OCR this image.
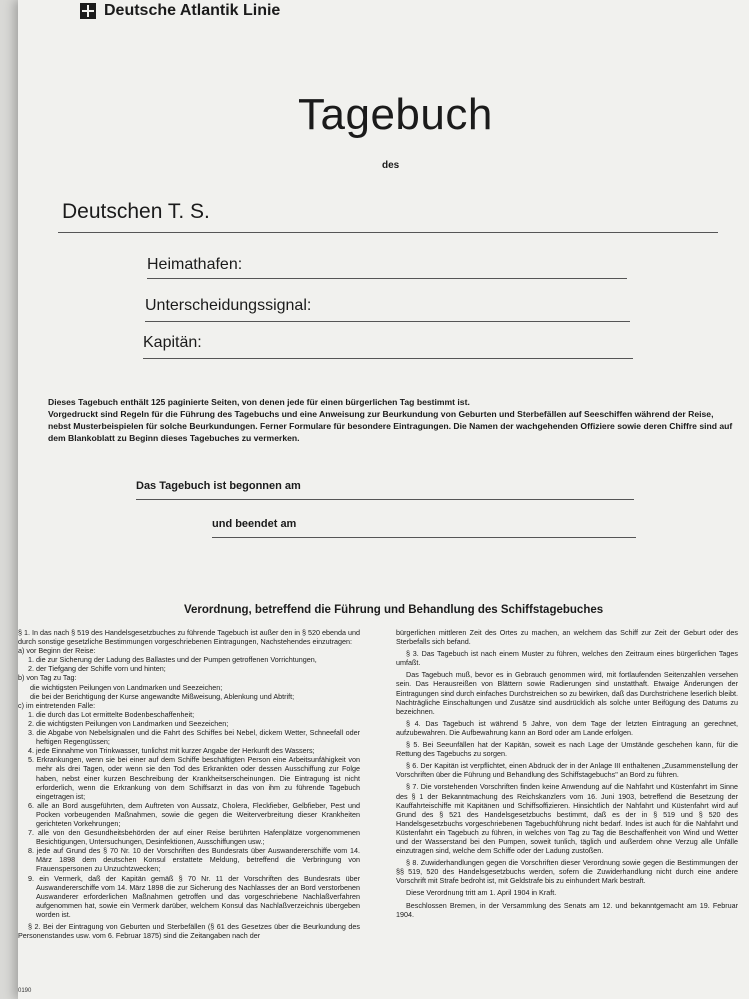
Deutsche Atlantik Linie
Tagebuch
des
Deutschen T. S.
Heimathafen:
Unterscheidungssignal:
Kapitän:

Dieses Tagebuch enthält 125 paginierte Seiten, von denen jede für einen bürgerlichen Tag bestimmt ist.

Vorgedruckt sind Regeln für die Führung des Tagebuchs und eine Anweisung zur Beurkundung von Geburten und Sterbefällen auf Seeschiffen während der Reise, nebst Musterbeispielen für solche Beurkundungen. Ferner Formulare für besondere Eintragungen. Die Namen der wachgehenden Offiziere sowie deren Chiffre sind auf dem Blankoblatt zu Beginn dieses Tagebuches zu vermerken.

Das Tagebuch ist begonnen am
und beendet am
Verordnung, betreffend die Führung und Behandlung des Schiffstagebuches
§ 1. In das nach § 519 des Handelsgesetzbuches zu führende Tagebuch ist außer den in § 520 ebenda und durch sonstige gesetzliche Bestimmungen vorgeschriebenen Eintragungen, Nachstehendes einzutragen:
a) vor Beginn der Reise:
1. die zur Sicherung der Ladung des Ballastes und der Pumpen getroffenen Vorrichtungen,
2. der Tiefgang der Schiffe vorn und hinten;
b) von Tag zu Tag:
die wichtigsten Peilungen von Landmarken und Seezeichen;
die bei der Berichtigung der Kurse angewandte Mißweisung, Ablenkung und Abtrift;
c) im eintretenden Falle:
1. die durch das Lot ermittelte Bodenbeschaffenheit;
2. die wichtigsten Peilungen von Landmarken und Seezeichen;
3. die Abgabe von Nebelsignalen und die Fahrt des Schiffes bei Nebel, dickem Wetter, Schneefall oder heftigen Regengüssen;
4. jede Einnahme von Trinkwasser, tunlichst mit kurzer Angabe der Herkunft des Wassers;
5. Erkrankungen, wenn sie bei einer auf dem Schiffe beschäftigten Person eine Arbeitsunfähigkeit von mehr als drei Tagen, oder wenn sie den Tod des Erkrankten oder dessen Ausschiffung zur Folge haben, nebst einer kurzen Beschreibung der Krankheitserscheinungen. Die Eintragung ist nicht erforderlich, wenn die Erkrankung von dem Schiffsarzt in das von ihm zu führende Tagebuch eingetragen ist;
6. alle an Bord ausgeführten, dem Auftreten von Aussatz, Cholera, Fleckfieber, Gelbfieber, Pest und Pocken vorbeugenden Maßnahmen, sowie die gegen die Weiterverbreitung dieser Krankheiten gerichteten Vorkehrungen;
7. alle von den Gesundheitsbehörden der auf einer Reise berührten Hafenplätze vorgenommenen Besichtigungen, Untersuchungen, Desinfektionen, Ausschiffungen usw.;
8. jede auf Grund des § 70 Nr. 10 der Vorschriften des Bundesrats über Auswandererschiffe vom 14. März 1898 dem deutschen Konsul erstattete Meldung, betreffend die Verbringung von Frauenspersonen zu Unzuchtzwecken;
9. ein Vermerk, daß der Kapitän gemäß § 70 Nr. 11 der Vorschriften des Bundesrats über Auswandererschiffe vom 14. März 1898 die zur Sicherung des Nachlasses der an Bord verstorbenen Auswanderer erforderlichen Maßnahmen getroffen und das vorgeschriebene Nachlaßverfahren aufgenommen hat, sowie ein Vermerk darüber, welchem Konsul das Nachlaßverzeichnis übergeben worden ist.
§ 2. Bei der Eintragung von Geburten und Sterbefällen (§ 61 des Gesetzes über die Beurkundung des Personenstandes usw. vom 6. Februar 1875) sind die Zeitangaben nach der
bürgerlichen mittleren Zeit des Ortes zu machen, an welchem das Schiff zur Zeit der Geburt oder des Sterbefalls sich befand.
§ 3. Das Tagebuch ist nach einem Muster zu führen, welches den Zeitraum eines bürgerlichen Tages umfaßt.
Das Tagebuch muß, bevor es in Gebrauch genommen wird, mit fortlaufenden Seitenzahlen versehen sein. Das Herausreißen von Blättern sowie Radierungen sind unstatthaft. Etwaige Änderungen der Eintragungen sind durch einfaches Durchstreichen so zu bewirken, daß das Durchstrichene leserlich bleibt. Nachträgliche Einschaltungen und Zusätze sind ausdrücklich als solche unter Beifügung des Datums zu bezeichnen.
§ 4. Das Tagebuch ist während 5 Jahre, von dem Tage der letzten Eintragung an gerechnet, aufzubewahren. Die Aufbewahrung kann an Bord oder am Lande erfolgen.
§ 5. Bei Seeunfällen hat der Kapitän, soweit es nach Lage der Umstände geschehen kann, für die Rettung des Tagebuchs zu sorgen.
§ 6. Der Kapitän ist verpflichtet, einen Abdruck der in der Anlage III enthaltenen „Zusammenstellung der Vorschriften über die Führung und Behandlung des Schiffstagebuchs" an Bord zu führen.
§ 7. Die vorstehenden Vorschriften finden keine Anwendung auf die Nahfahrt und Küstenfahrt im Sinne des § 1 der Bekanntmachung des Reichskanzlers vom 16. Juni 1903, betreffend die Besetzung der Kauffahrteischiffe mit Kapitänen und Schiffsoffizieren. Hinsichtlich der Nahfahrt und Küstenfahrt wird auf Grund des § 521 des Handelsgesetzbuchs bestimmt, daß es der in § 519 und § 520 des Handelsgesetzbuchs vorgeschriebenen Tagebuchführung nicht bedarf. Indes ist auch für die Nahfahrt und Küstenfahrt ein Tagebuch zu führen, in welches von Tag zu Tag die Beschaffenheit von Wind und Wetter und der Wasserstand bei den Pumpen, soweit tunlich, täglich und außerdem ohne Verzug alle Unfälle einzutragen sind, welche dem Schiffe oder der Ladung zustoßen.
§ 8. Zuwiderhandlungen gegen die Vorschriften dieser Verordnung sowie gegen die Bestimmungen der §§ 519, 520 des Handelsgesetzbuchs werden, sofern die Zuwiderhandlung nicht durch eine andere Vorschrift mit Strafe bedroht ist, mit Geldstrafe bis zu einhundert Mark bestraft.
Diese Verordnung tritt am 1. April 1904 in Kraft.
Beschlossen Bremen, in der Versammlung des Senats am 12. und bekanntgemacht am 19. Februar 1904.
0190
